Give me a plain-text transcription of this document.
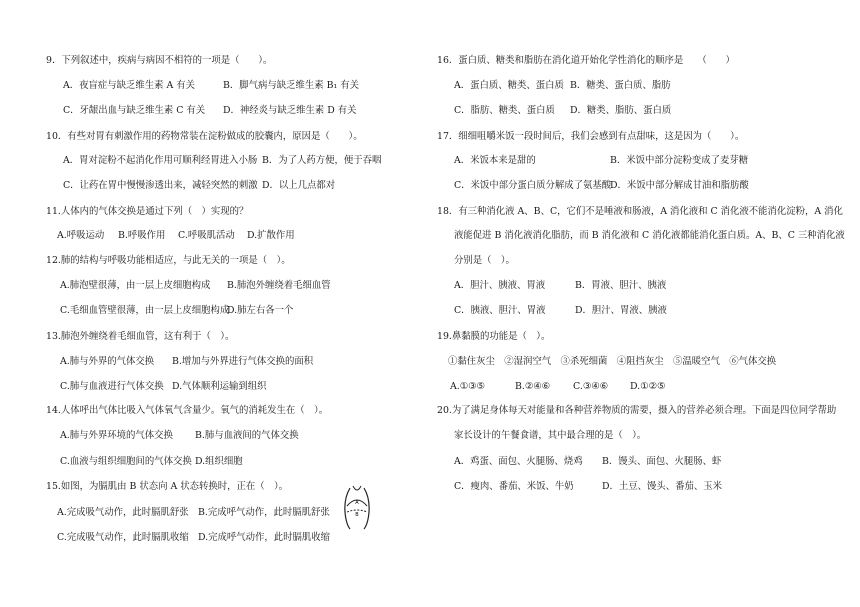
9．下列叙述中，疾病与病因不相符的一项是（　　）。
A．夜盲症与缺乏维生素 A 有关	B．脚气病与缺乏维生素 B₁ 有关
C．牙龈出血与缺乏维生素 C 有关 D．神经炎与缺乏维生素 D 有关
10．有些对胃有刺激作用的药物常装在淀粉做成的胶囊内，原因是（　　）。
A．胃对淀粉不起消化作用可顺利经胃进入小肠 B．为了人药方便，便于吞咽
C．让药在胃中慢慢渗透出来，减轻突然的刺激 D．以上几点都对
11.人体内的气体交换是通过下列（　）实现的？
A.呼吸运动 B.呼吸作用 C.呼吸肌活动 D.扩散作用
12.肺的结构与呼吸功能相适应，与此无关的一项是（　）。
A.肺泡壁很薄，由一层上皮细胞构成 B.肺泡外缠绕着毛细血管
C.毛细血管壁很薄，由一层上皮细胞构成
D.肺左右各一个
13.肺泡外缠绕着毛细血管，这有利于（　）。
A.肺与外界的气体交换 B.增加与外界进行气体交换的面积
C.肺与血液进行气体交换 D.气体顺利运输到组织
14.人体呼出气体比吸入气体氧气含量少。氧气的消耗发生在（　）。
A.肺与外界环境的气体交换 B.肺与血液间的气体交换
C.血液与组织细胞间的气体交换 D.组织细胞
15.如图，为膈肌由 B 状态向 A 状态转换时，正在（　）。
A.完成吸气动作，此时膈肌舒张 B.完成呼气动作，此时膈肌舒张
C.完成吸气动作，此时膈肌收缩 D.完成呼气动作，此时膈肌收缩
A
B
16．蛋白质、糖类和脂肪在消化道开始化学性消化的顺序是　　（　　）
A．蛋白质、糖类、蛋白质 B．糖类、蛋白质、脂肪
C．脂肪、糖类、蛋白质 D．糖类、脂肪、蛋白质
17．细细咀嚼米饭一段时间后，我们会感到有点甜味，这是因为（　　）。
A．米饭本来是甜的	B．米饭中部分淀粉变成了麦芽糖
C．米饭中部分蛋白质分解成了氨基酸
D．米饭中部分解成甘油和脂肪酸
18．有三种消化液 A、B、C，它们不是唾液和肠液，A 消化液和 C 消化液不能消化淀粉，A 消化
液能促进 B 消化液消化脂肪，而 B 消化液和 C 消化液都能消化蛋白质。A、B、C 三种消化液
分别是（　）。
A．胆汁、胰液、胃液	B．胃液、胆汁、胰液
C．胰液、胆汁、胃液	D．胆汁、胃液、胰液
19.鼻黏膜的功能是（　）。
①黏住灰尘　②湿润空气　③杀死细菌　④阻挡灰尘　⑤温暖空气　⑥气体交换
A.①③⑤	B.②④⑥ C.③④⑥ D.①②⑤
20.为了满足身体每天对能量和各种营养物质的需要，摄入的营养必须合理。下面是四位同学帮助
家长设计的午餐食谱，其中最合理的是（　）。
A．鸡蛋、面包、火腿肠、烧鸡 B．馒头、面包、火腿肠、虾
C．瘦肉、番茄、米饭、牛奶	D．土豆、馒头、番茄、玉米
